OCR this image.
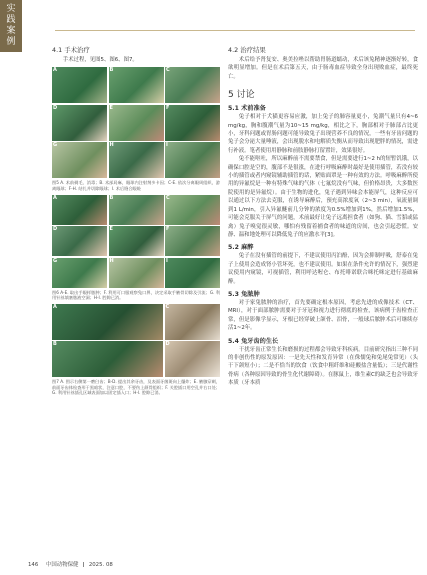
实
践
案
例
4.1 手术治疗
手术过程，见图5、图6、图7。
A	B	C
D	E	F
G	H	I
图5 A. 术前剃毛、消毒；B. 术部局麻，眼球内注射剂多卡因；C-E. 依次分离眼周组织，游离眼球；F-H. 结扎并切除眼球；I. 术后缝合眼睑
A	B	C
D	E	F
G	H	I
图6 A-E. 取出手眼样脓肿；F. 利用可口服观察兔口鼻，决定采取手腋骨切除及引流；G. 利用针丝填塞脓液空洞；H-I. 腔隙已消。
A	C
B	D
图7 A. 图示右侧第一磨臼齿；B-D. 提出其余牙齿，及表面牙菌斑向上爆炸；E. 腋腺穿刺，前面牙齿体检查形于黑暗状，注意口腔，不要伤上颌骨组织；F. 关腔插口用空孔并右口处；G. 利用针丝插孔区域表面加以固定插入口；H-I. 腔隙已消。
4.2 治疗结果
术后给予肾复安、奥美拉唑以帮助胃肠道蠕动，术后该兔精神逐渐好转，食欲明显增加。但是在术后第五天，由于肠毒血症导致全身出现败血症，最终死亡。
5 讨论
5.1 术前准备
兔子相对于犬猫更容易应激，加上兔子的肺容量更小，兔潮气量只有4~6 mg/kg，胸和腹潮气量为10~15 mg/kg，相比之下，胸部相对于肺部占比更小，牙科问题或胃肠问题可能导致兔子出现营养不良的情况，一些有牙齿问题的兔子会分泌大量唾液，会出现脱水和电解质失衡从而导致出现肥胖的情况，需进行补液。笔者使用用静脉和前肢静脉打留置针，效果很好。
兔不能呕吐，所以麻醉前不需要禁食，但是需要进行1~2 h的短暂饥饿，以确保口腔是空的，腹部不是很涨，在进行呼吸麻醉时最好是使用插管，若没有较小的插管或者内窥镜辅助插管的话，紧贴面罩是一种有效的方法。呼吸麻醉所使用的异氟烷是一种有特殊气味的气体（七氟烷没有气味，但价格昂贵，大多数医院使用的是异氟烷）。由于生物的进化，兔子遇到异味会本能屏气，这种反应可以通过以下方法去克服，在诱导麻醉后，预充高浓度氧（2~3 min），氧流量调到1 L/min，引入异氟醚前几分钟的浓度为0.5%增加到1%，然后增加1.5%，可能会克服关于屏气的问题，术前最好让兔子远离担食者（如狗、猫、雪貂或猛禽）兔子嗅觉很灵敏，哪怕有残留着捕食者的味道的房间，也会引起恐慌。安静、温和地处理可以降低兔子的应激水平[3]。
5.2 麻醉
兔子在没有插管的前提下，不建议使用丙泊酚，因为会抑制呼吸，舒泰在兔子上使用会造成肾小管坏死，也不建议使用。如果在条件允许的情况下，强烈建议使用内窥镜，可视插管，利用呼达喔仑、布托啡诺联合咪托咪定进行基础麻醉。
5.3 兔脓肿
对于家兔脓肿的治疗，首先要确定根本原因，考虑先进的成像技术（CT、MRI），对于面部脓肿需要对于牙冠和视力进行彻底的检查，该病例于齿检查正常，但是影像学显示，牙根已经穿破上颌骨、泪骨，一般球后脓肿术后可继续存活1~2年。
5.4 兔牙齿的生长
干扰牙齿正常生长和磨损的过程都会导致牙科疾病。目前研究指出三种不同的非创伤性的原发原因：一是先天性和发育异常（在侏儒兔和兔尾兔常见）（头干下颌短小）；二是不恰当的饮食（饮食中粗纤维和硅酸盐含量低）；三是代谢性骨病（各种原因导致的骨生化代谢障碍）。在豚鼠上，维生素C的缺乏也会导致牙本质（牙本质
146 中国动物保健 2025. 08
